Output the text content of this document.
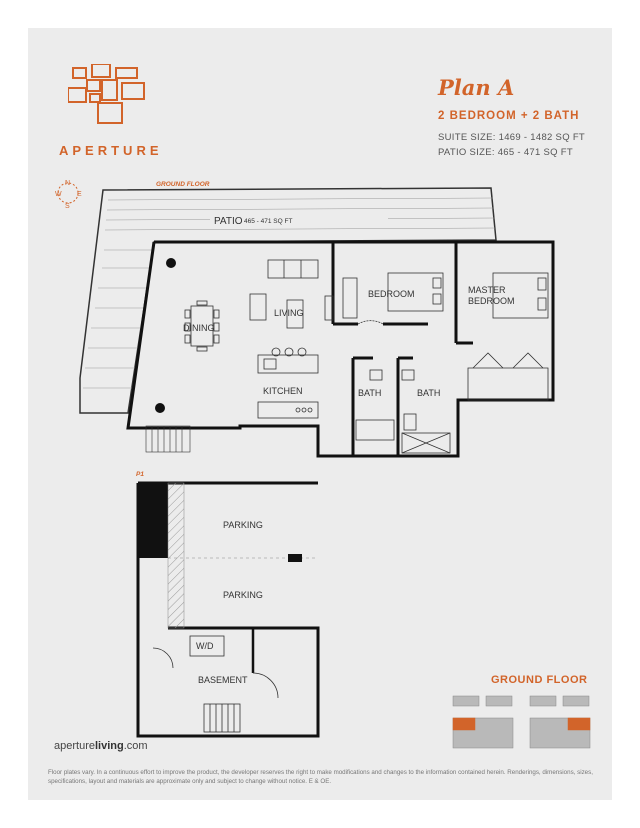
APERTURE
Plan A
2 BEDROOM + 2 BATH
SUITE SIZE: 1469 - 1482 SQ FT
PATIO SIZE: 465 - 471 SQ FT
N
W E
S
GROUND FLOOR
PATIO 465 - 471 SQ FT
DINING
LIVING
KITCHEN
BEDROOM	MASTER
BEDROOM
BATH	BATH
P1
PARKING
PARKING
W/D
BASEMENT	GROUND FLOOR
apertureliving.com
Floor plates vary. In a continuous effort to improve the product, the developer reserves the right to make modifications and changes to the information contained herein. Renderings, dimensions, sizes, specifications, layout and materials are approximate only and subject to change without notice. E & OE.
